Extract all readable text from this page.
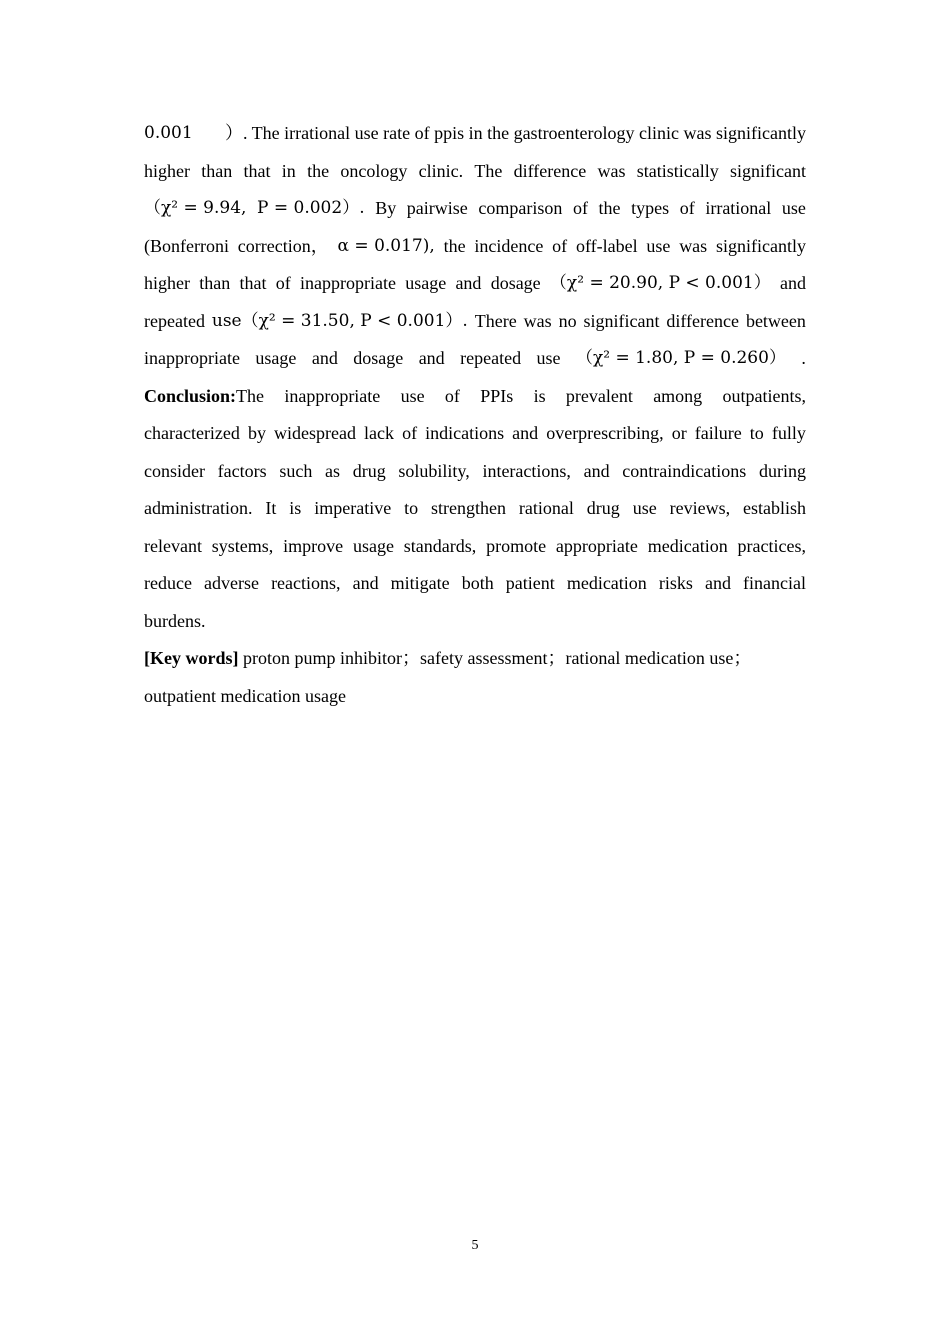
0.001 ）. The irrational use rate of ppis in the gastroenterology clinic was significantly
higher than that in the oncology clinic. The difference was statistically significant
（χ² = 9.94, P = 0.002）. By pairwise comparison of the types of irrational use
(Bonferroni correction， α = 0.017), the incidence of off-label use was significantly
higher than that of inappropriate usage and dosage （χ² = 20.90, P < 0.001） and
repeated use（χ² = 31.50, P < 0.001）. There was no significant difference between
inappropriate usage and dosage and repeated use （χ² = 1.80, P = 0.260） .
Conclusion:The inappropriate use of PPIs is prevalent among outpatients,
characterized by widespread lack of indications and overprescribing, or failure to fully
consider factors such as drug solubility, interactions, and contraindications during
administration. It is imperative to strengthen rational drug use reviews, establish
relevant systems, improve usage standards, promote appropriate medication practices,
reduce adverse reactions, and mitigate both patient medication risks and financial
burdens.
[Key words] proton pump inhibitor；safety assessment；rational medication use；
outpatient medication usage
5
